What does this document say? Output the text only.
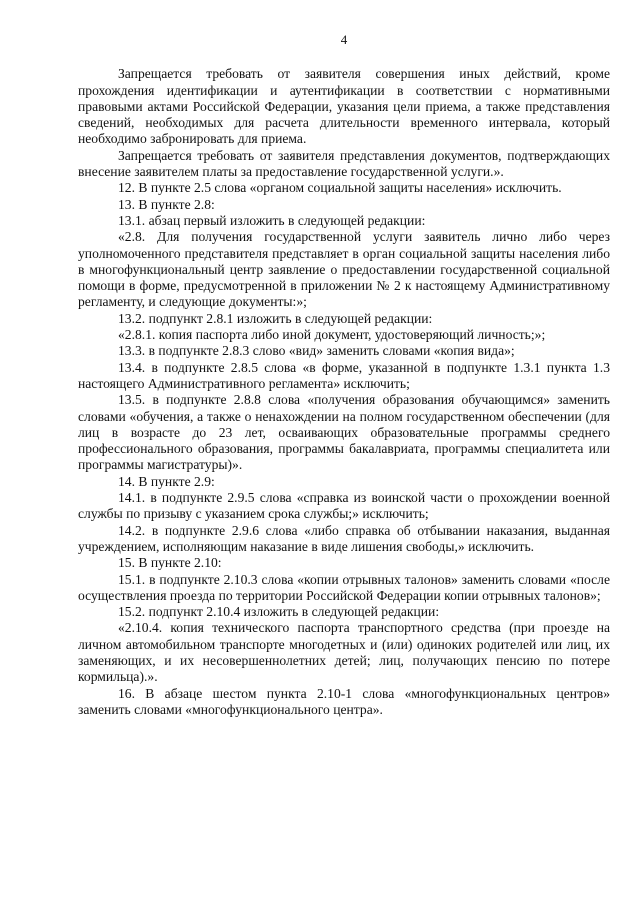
4

Запрещается требовать от заявителя совершения иных действий, кроме прохождения идентификации и аутентификации в соответствии с нормативными правовыми актами Российской Федерации, указания цели приема, а также представления сведений, необходимых для расчета длительности временного интервала, который необходимо забронировать для приема.

Запрещается требовать от заявителя представления документов, подтверждающих внесение заявителем платы за предоставление государственной услуги.».

12. В пункте 2.5 слова «органом социальной защиты населения» исключить.

13. В пункте 2.8:

13.1. абзац первый изложить в следующей редакции:

«2.8. Для получения государственной услуги заявитель лично либо через уполномоченного представителя представляет в орган социальной защиты населения либо в многофункциональный центр заявление о предоставлении государственной социальной помощи в форме, предусмотренной в приложении № 2 к настоящему Административному регламенту, и следующие документы:»;

13.2. подпункт 2.8.1 изложить в следующей редакции:

«2.8.1. копия паспорта либо иной документ, удостоверяющий личность;»;

13.3. в подпункте 2.8.3 слово «вид» заменить словами «копия вида»;

13.4. в подпункте 2.8.5 слова «в форме, указанной в подпункте 1.3.1 пункта 1.3 настоящего Административного регламента» исключить;

13.5. в подпункте 2.8.8 слова «получения образования обучающимся» заменить словами «обучения, а также о ненахождении на полном государственном обеспечении (для лиц в возрасте до 23 лет, осваивающих образовательные программы среднего профессионального образования, программы бакалавриата, программы специалитета или программы магистратуры)».

14. В пункте 2.9:

14.1. в подпункте 2.9.5 слова «справка из воинской части о прохождении военной службы по призыву с указанием срока службы;» исключить;

14.2. в подпункте 2.9.6 слова «либо справка об отбывании наказания, выданная учреждением, исполняющим наказание в виде лишения свободы,» исключить.

15. В пункте 2.10:

15.1. в подпункте 2.10.3 слова «копии отрывных талонов» заменить словами «после осуществления проезда по территории Российской Федерации копии отрывных талонов»;

15.2. подпункт 2.10.4 изложить в следующей редакции:

«2.10.4. копия технического паспорта транспортного средства (при проезде на личном автомобильном транспорте многодетных и (или) одиноких родителей или лиц, их заменяющих, и их несовершеннолетних детей; лиц, получающих пенсию по потере кормильца).».

16. В абзаце шестом пункта 2.10-1 слова «многофункциональных центров» заменить словами «многофункционального центра».
